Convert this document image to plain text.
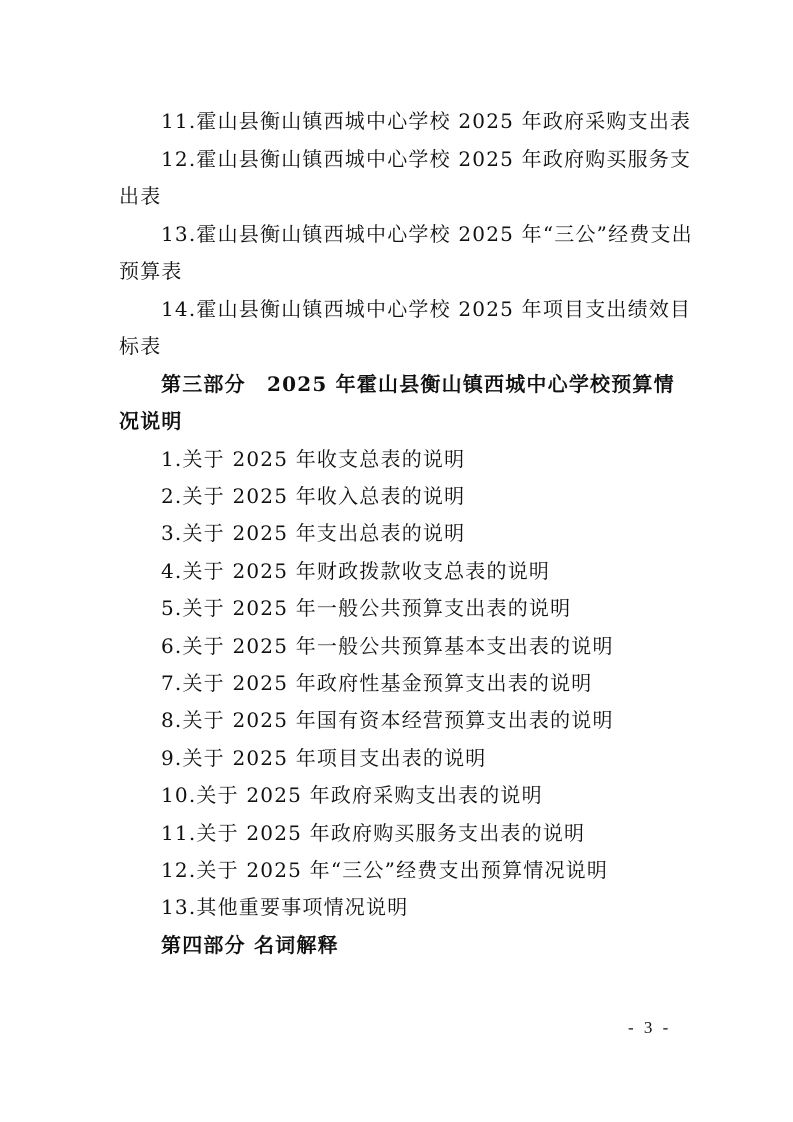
11.霍山县衡山镇西城中心学校 2025 年政府采购支出表
12.霍山县衡山镇西城中心学校 2025 年政府购买服务支
出表
13.霍山县衡山镇西城中心学校 2025 年“三公”经费支出
预算表
14.霍山县衡山镇西城中心学校 2025 年项目支出绩效目
标表
第三部分　2025 年霍山县衡山镇西城中心学校预算情
况说明
1.关于 2025 年收支总表的说明
2.关于 2025 年收入总表的说明
3.关于 2025 年支出总表的说明
4.关于 2025 年财政拨款收支总表的说明
5.关于 2025 年一般公共预算支出表的说明
6.关于 2025 年一般公共预算基本支出表的说明
7.关于 2025 年政府性基金预算支出表的说明
8.关于 2025 年国有资本经营预算支出表的说明
9.关于 2025 年项目支出表的说明
10.关于 2025 年政府采购支出表的说明
11.关于 2025 年政府购买服务支出表的说明
12.关于 2025 年“三公”经费支出预算情况说明
13.其他重要事项情况说明
第四部分 名词解释
- 3 -
